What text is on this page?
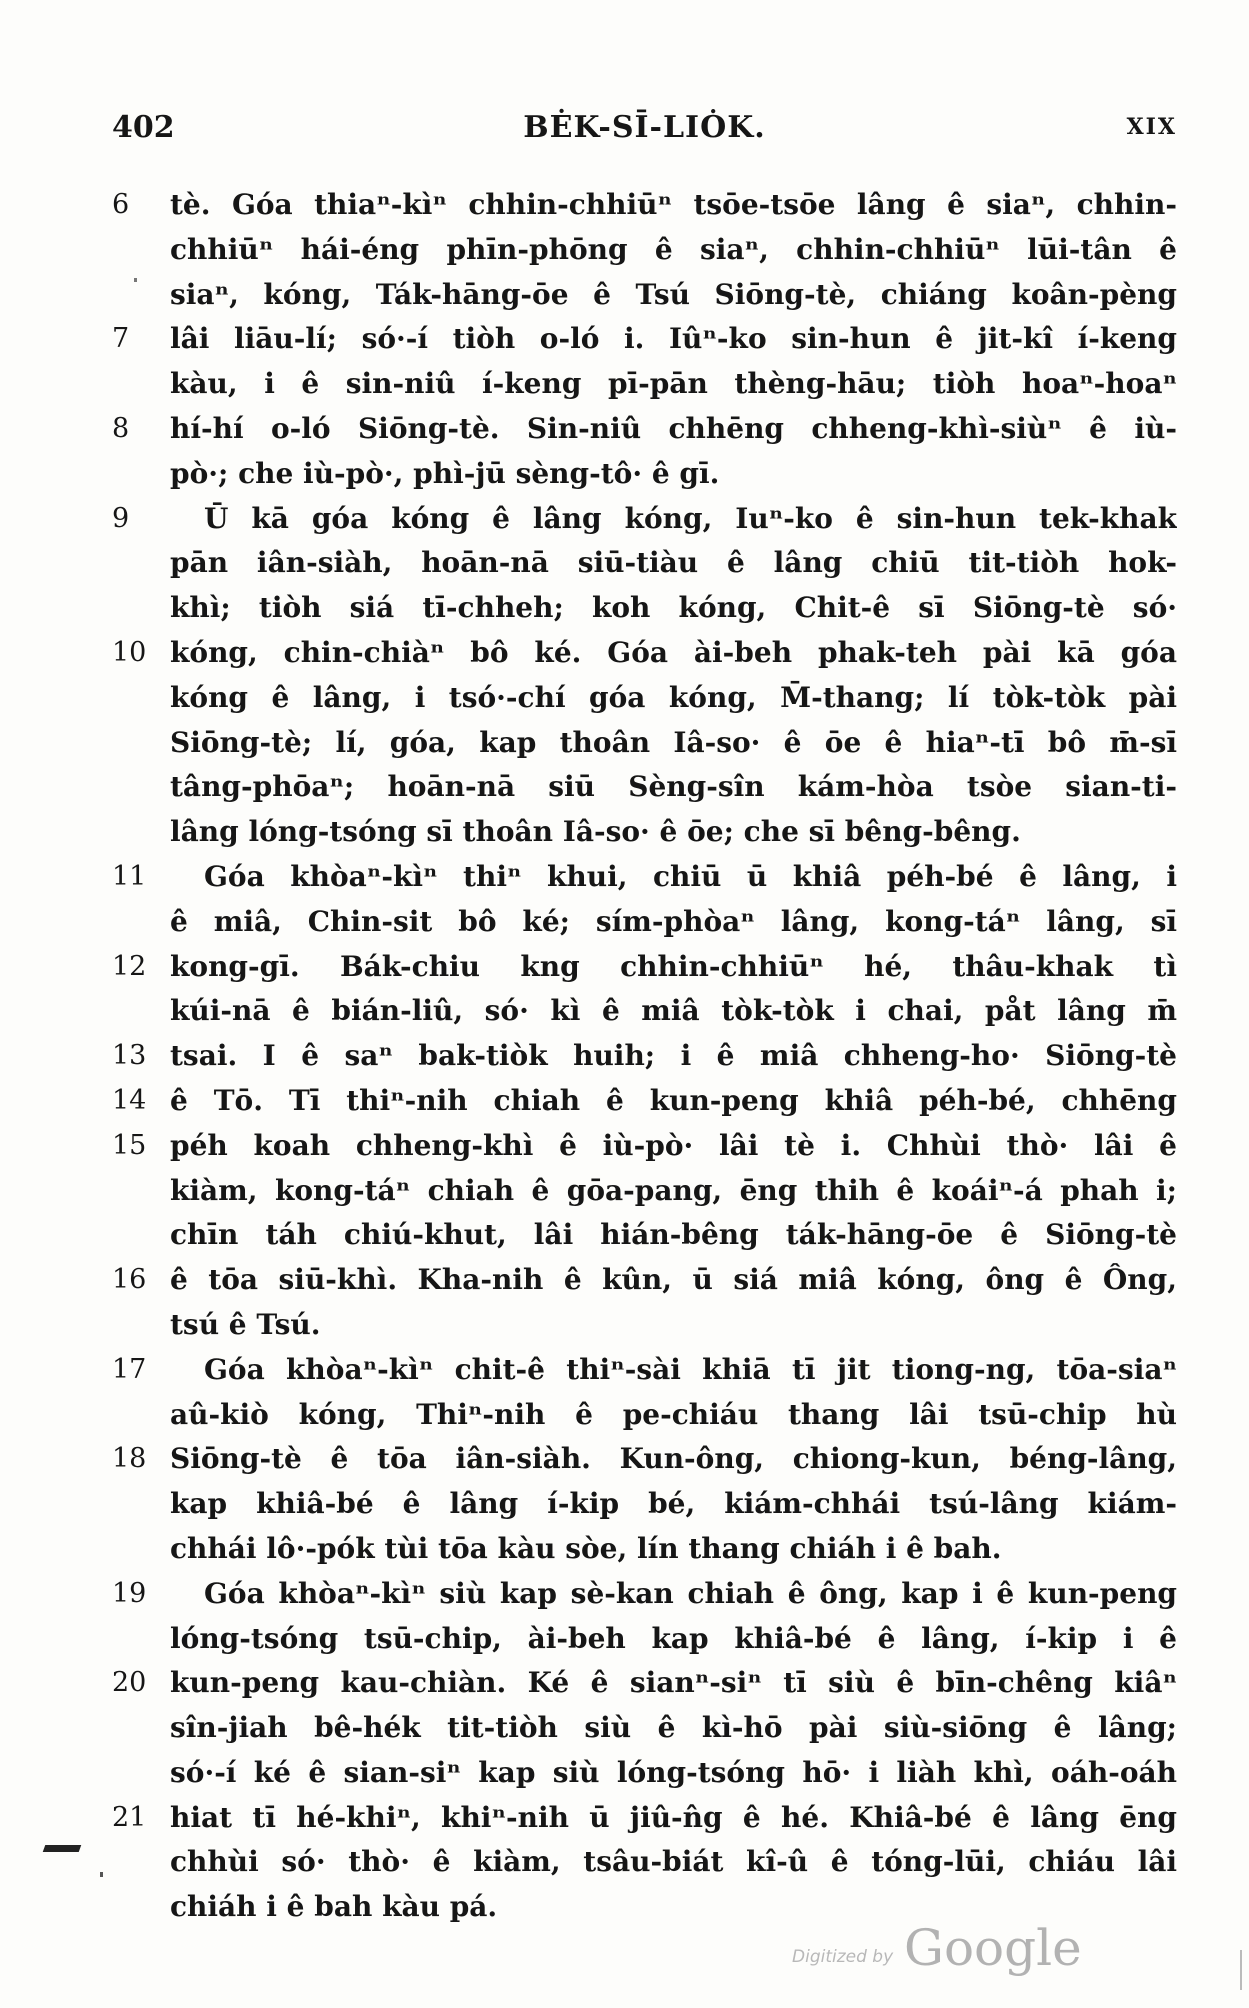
402	BĖK-SĪ-LIȮK.	XIX
6	tè. Góa thiaⁿ-kìⁿ chhin-chhiūⁿ tsōe-tsōe lâng ê siaⁿ, chhin-
chhiūⁿ hái-éng phīn-phōng ê siaⁿ, chhin-chhiūⁿ lūi-tân ê
siaⁿ, kóng, Ták-hāng-ōe ê Tsú Siōng-tè, chiáng koân-pèng
7	lâi liāu-lí; só·-í tiòh o-ló i. Iûⁿ-ko sin-hun ê jit-kî í-keng
kàu, i ê sin-niû í-keng pī-pān thèng-hāu; tiòh hoaⁿ-hoaⁿ
8	hí-hí o-ló Siōng-tè. Sin-niû chhēng chheng-khì-siùⁿ ê iù-
pò·; che iù-pò·, phì-jū sèng-tô· ê gī.
9	Ū kā góa kóng ê lâng kóng, Iuⁿ-ko ê sin-hun tek-khak
pān iân-siàh, hoān-nā siū-tiàu ê lâng chiū tit-tiòh hok-
khì; tiòh siá tī-chheh; koh kóng, Chit-ê sī Siōng-tè só·
10 kóng, chin-chiàⁿ bô ké. Góa ài-beh phak-teh pài kā góa
kóng ê lâng, i tsó·-chí góa kóng, M̄-thang; lí tòk-tòk pài
Siōng-tè; lí, góa, kap thoân Iâ-so· ê ōe ê hiaⁿ-tī bô m̄-sī
tâng-phōaⁿ; hoān-nā siū Sèng-sîn kám-hòa tsòe sian-ti-
lâng lóng-tsóng sī thoân Iâ-so· ê ōe; che sī bêng-bêng.
11	Góa khòaⁿ-kìⁿ thiⁿ khui, chiū ū khiâ péh-bé ê lâng, i
ê miâ, Chin-sit bô ké; sím-phòaⁿ lâng, kong-táⁿ lâng, sī
12 kong-gī. Bák-chiu kng chhin-chhiūⁿ hé, thâu-khak tì
kúi-nā ê bián-liû, só· kì ê miâ tòk-tòk i chai, påt lâng m̄
13 tsai. I ê saⁿ bak-tiòk huih; i ê miâ chheng-ho· Siōng-tè
14 ê Tō. Tī thiⁿ-nih chiah ê kun-peng khiâ péh-bé, chhēng
15 péh koah chheng-khì ê iù-pò· lâi tè i. Chhùi thò· lâi ê
kiàm, kong-táⁿ chiah ê gōa-pang, ēng thih ê koáiⁿ-á phah i;
chīn táh chiú-khut, lâi hián-bêng ták-hāng-ōe ê Siōng-tè
16 ê tōa siū-khì. Kha-nih ê kûn, ū siá miâ kóng, ông ê Ông,
tsú ê Tsú.
17	Góa khòaⁿ-kìⁿ chit-ê thiⁿ-sài khiā tī jit tiong-ng, tōa-siaⁿ
aû-kiò kóng, Thiⁿ-nih ê pe-chiáu thang lâi tsū-chip hù
18 Siōng-tè ê tōa iân-siàh. Kun-ông, chiong-kun, béng-lâng,
kap khiâ-bé ê lâng í-kip bé, kiám-chhái tsú-lâng kiám-
chhái lô·-pók tùi tōa kàu sòe, lín thang chiáh i ê bah.
19	Góa khòaⁿ-kìⁿ siù kap sè-kan chiah ê ông, kap i ê kun-peng
lóng-tsóng tsū-chip, ài-beh kap khiâ-bé ê lâng, í-kip i ê
20 kun-peng kau-chiàn. Ké ê sianⁿ-siⁿ tī siù ê bīn-chêng kiâⁿ
sîn-jiah bê-hék tit-tiòh siù ê kì-hō pài siù-siōng ê lâng;
só·-í ké ê sian-siⁿ kap siù lóng-tsóng hō· i liàh khì, oáh-oáh
21 hiat tī hé-khiⁿ, khiⁿ-nih ū jiû-n̂g ê hé. Khiâ-bé ê lâng ēng
chhùi só· thò· ê kiàm, tsâu-biát kî-û ê tóng-lūi, chiáu lâi
chiáh i ê bah kàu pá.
Digitized by Google
